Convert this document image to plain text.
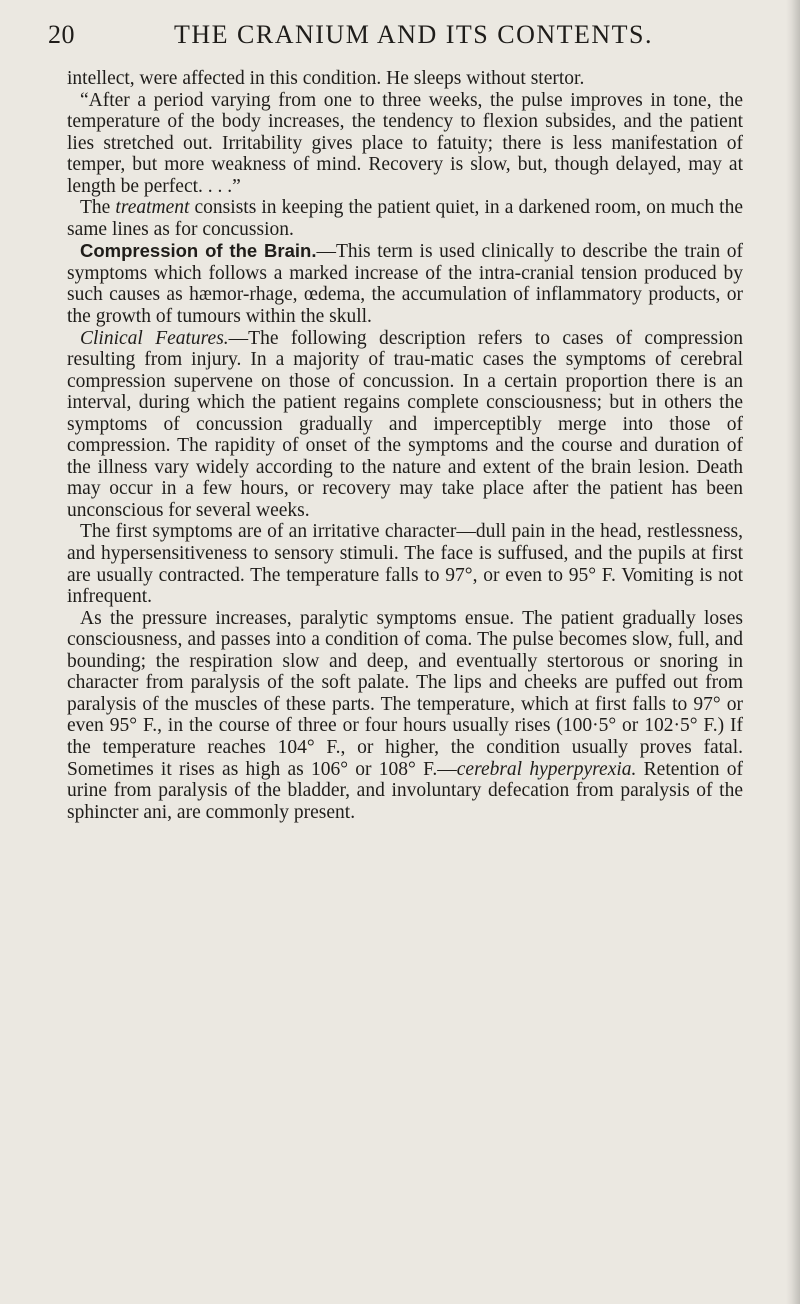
20	THE CRANIUM AND ITS CONTENTS.

intellect, were affected in this condition. He sleeps without stertor.

“After a period varying from one to three weeks, the pulse improves in tone, the temperature of the body increases, the tendency to flexion subsides, and the patient lies stretched out. Irritability gives place to fatuity; there is less manifestation of temper, but more weakness of mind. Recovery is slow, but, though delayed, may at length be perfect. . . .”

The treatment consists in keeping the patient quiet, in a darkened room, on much the same lines as for concussion.

Compression of the Brain.—This term is used clinically to describe the train of symptoms which follows a marked increase of the intra-cranial tension produced by such causes as hæmor-rhage, œdema, the accumulation of inflammatory products, or the growth of tumours within the skull.

Clinical Features.—The following description refers to cases of compression resulting from injury. In a majority of trau-matic cases the symptoms of cerebral compression supervene on those of concussion. In a certain proportion there is an interval, during which the patient regains complete consciousness; but in others the symptoms of concussion gradually and imperceptibly merge into those of compression. The rapidity of onset of the symptoms and the course and duration of the illness vary widely according to the nature and extent of the brain lesion. Death may occur in a few hours, or recovery may take place after the patient has been unconscious for several weeks.

The first symptoms are of an irritative character—dull pain in the head, restlessness, and hypersensitiveness to sensory stimuli. The face is suffused, and the pupils at first are usually contracted. The temperature falls to 97°, or even to 95° F. Vomiting is not infrequent.

As the pressure increases, paralytic symptoms ensue. The patient gradually loses consciousness, and passes into a condition of coma. The pulse becomes slow, full, and bounding; the respiration slow and deep, and eventually stertorous or snoring in character from paralysis of the soft palate. The lips and cheeks are puffed out from paralysis of the muscles of these parts. The temperature, which at first falls to 97° or even 95° F., in the course of three or four hours usually rises (100·5° or 102·5° F.) If the temperature reaches 104° F., or higher, the condition usually proves fatal. Sometimes it rises as high as 106° or 108° F.—cerebral hyperpyrexia. Retention of urine from paralysis of the bladder, and involuntary defecation from paralysis of the sphincter ani, are commonly present.
